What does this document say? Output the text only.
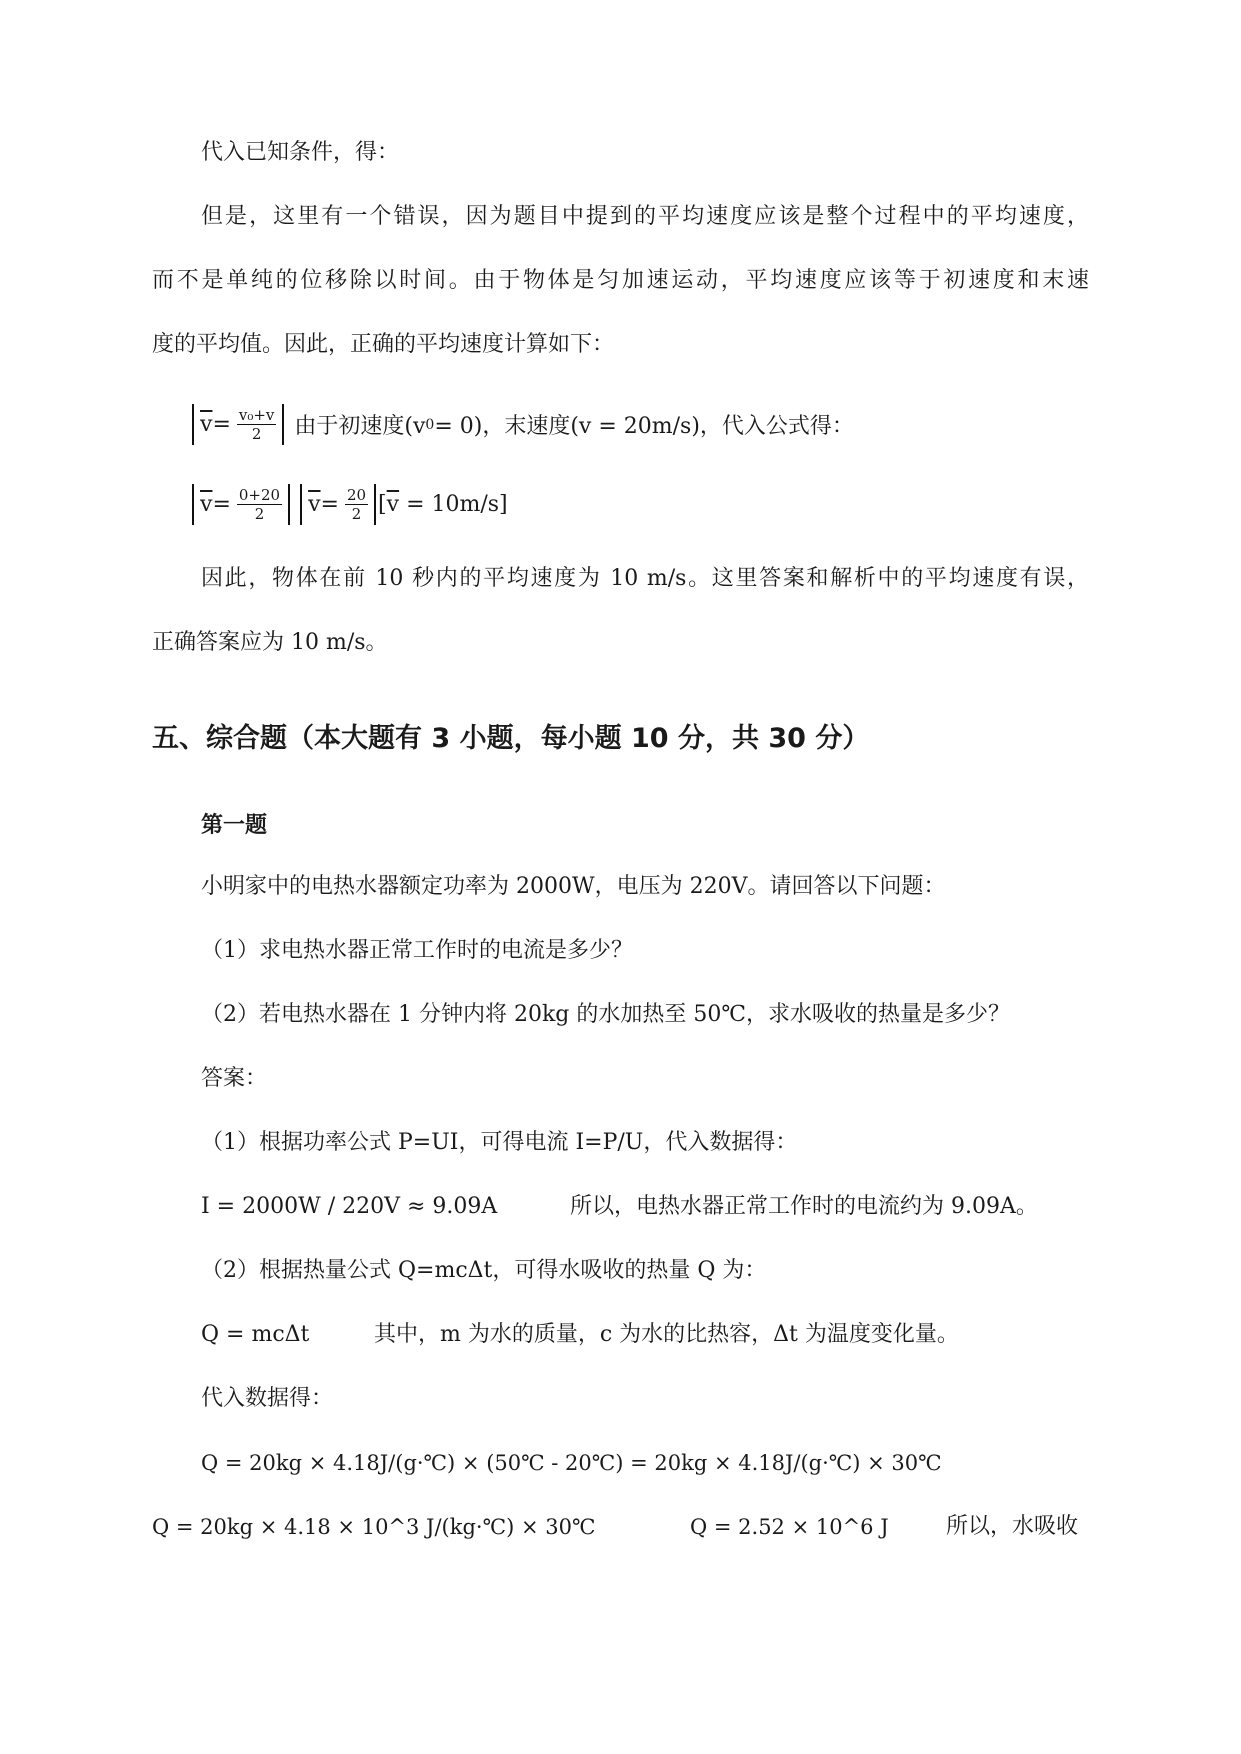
代入已知条件，得：
但是，这里有一个错误，因为题目中提到的平均速度应该是整个过程中的平均速度，
而不是单纯的位移除以时间。由于物体是匀加速运动，平均速度应该等于初速度和末速
度的平均值。因此，正确的平均速度计算如下：
$\overline{v} = \frac{\text{v₀+v}}{2}$ 由于初速度(v 0 = 0)，末速度(v = 20m/s)，代入公式得：
$\overline{v} = \frac{0+20}{2} \overline{v} = \frac{20}{2} [\overline{v} = 10m/s]$
因此，物体在前 10 秒内的平均速度为 10 m/s。这里答案和解析中的平均速度有误，
正确答案应为 10 m/s。
五、综合题（本大题有 3 小题，每小题 10 分，共 30 分）
第一题
小明家中的电热水器额定功率为 2000W，电压为 220V。请回答以下问题：
（1）求电热水器正常工作时的电流是多少？
（2）若电热水器在 1 分钟内将 20kg 的水加热至 50℃，求水吸收的热量是多少？
答案：
（1）根据功率公式 P=UI，可得电流 I=P/U，代入数据得：
I = 2000W / 220V ≈ 9.09A	所以，电热水器正常工作时的电流约为 9.09A。
（2）根据热量公式 Q=mcΔt，可得水吸收的热量 Q 为：
Q = mcΔt	其中，m 为水的质量，c 为水的比热容，Δt 为温度变化量。
代入数据得：
Q = 20kg × 4.18J/(g·℃) × (50℃ - 20℃) = 20kg × 4.18J/(g·℃) × 30℃
Q = 20kg × 4.18 × 10^3 J/(kg·℃) × 30℃	Q = 2.52 × 10^6 J	所以，水吸收
